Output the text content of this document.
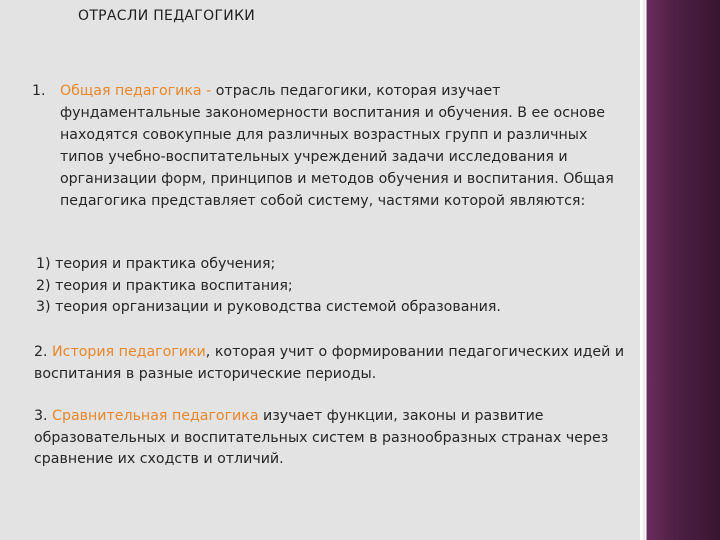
ОТРАСЛИ ПЕДАГОГИКИ
1. Общая педагогика - отрасль педагогики, которая изучает фундаментальные закономерности воспитания и обучения. В ее основе находятся совокупные для различных возрастных групп и различных типов учебно-воспитательных учреждений задачи исследования и организации форм, принципов и методов обучения и воспитания. Общая педагогика представляет собой систему, частями которой являются:
1) теория и практика обучения;
2) теория и практика воспитания;
3) теория организации и руководства системой образования.
2. История педагогики, которая учит о формировании педагогических идей и воспитания в разные исторические периоды.
3. Сравнительная педагогика изучает функции, законы и развитие образовательных и воспитательных систем в разнообразных странах через сравнение их сходств и отличий.
